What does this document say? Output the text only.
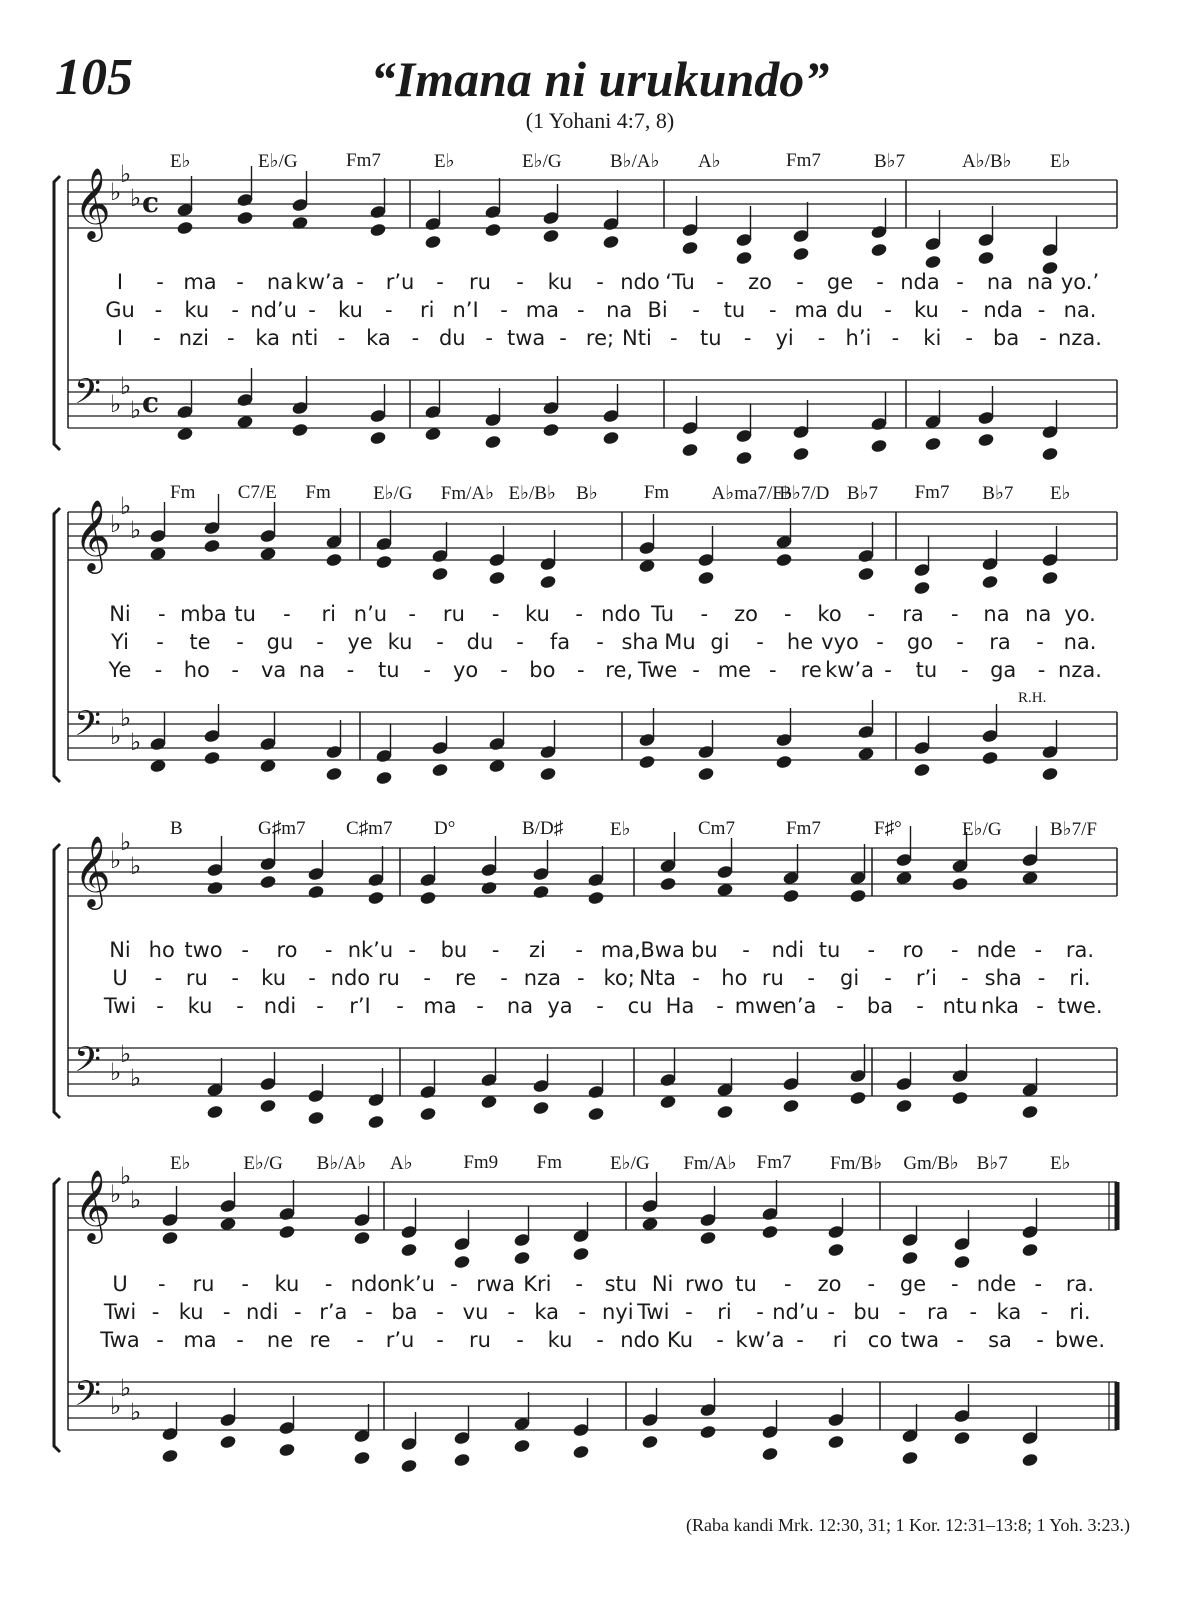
105	“Imana ni urukundo”
(1 Yohani 4:7, 8)
E♭	E♭/G	Fm7	E♭	E♭/G	B♭/A♭ A♭	Fm7	B♭7	A♭/B♭ E♭
𝄞 ♭
♭
♭ c
𝄢 ♭
♭
♭ c
I - ma - na kw’a - r’u - ru - ku - ndo ‘Tu - zo - ge - nda - na na yo.’
Gu - ku - nd’u - ku - ri n’I - ma - na Bi - tu - ma du - ku - nda - na.
I - nzi - ka nti - ka - du - twa - re; Nti - tu - yi - h’i - ki - ba - nza.
Fm C7/E Fm E♭/G Fm/A♭ E♭/B♭ B♭ Fm A♭ma7/E♭
B♭7/D B♭7 Fm7 B♭7 E♭
𝄞 ♭
♭
♭
𝄢 ♭
♭
♭
R.H.
Ni - mba tu - ri n’u - ru - ku - ndo Tu - zo - ko - ra - na na yo.
Yi - te - gu - ye ku - du - fa - sha Mu gi - he vyo - go - ra - na.
Ye - ho - va na - tu - yo - bo - re, Twe - me - re kw’a - tu - ga - nza.
B	G♯m7 C♯m7 D°	B/D♯ E♭	Cm7	Fm7	F♯°	E♭/G	B♭7/F
𝄞 ♭
♭
♭
𝄢 ♭
♭
♭
Ni ho two - ro - nk’u - bu - zi - ma, Bwa bu - ndi tu - ro - nde - ra.
U - ru - ku - ndo ru - re - nza - ko; Nta - ho ru - gi - r’i - sha - ri.
Twi - ku - ndi - r’I - ma - na ya - cu Ha - mwe
n’a - ba - ntu nka - twe.
E♭	E♭/G B♭/A♭ A♭	Fm9 Fm	E♭/G Fm/A♭ Fm7 Fm/B♭ Gm/B♭ B♭7 E♭
𝄞 ♭
♭
♭
𝄢 ♭
♭
♭
U - ru - ku - ndo nk’u - rwa Kri - stu Ni rwo tu - zo - ge - nde - ra.
Twi - ku - ndi - r’a - ba - vu - ka - nyi Twi - ri - nd’u - bu - ra - ka - ri.
Twa - ma - ne re - r’u - ru - ku - ndo Ku - kw’a - ri co twa - sa - bwe.
(Raba kandi Mrk. 12:30, 31; 1 Kor. 12:31–13:8; 1 Yoh. 3:23.)
